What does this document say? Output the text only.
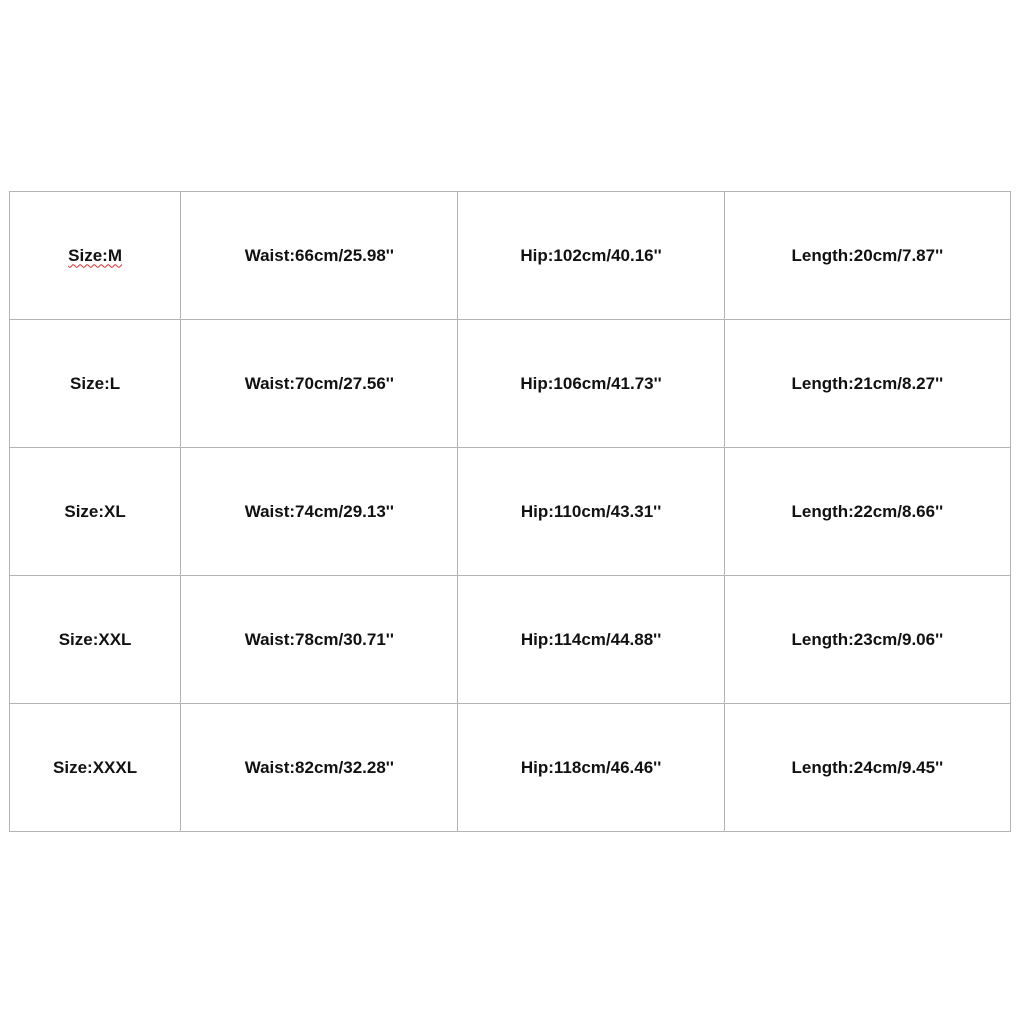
Size:M	Waist:66cm/25.98''	Hip:102cm/40.16''	Length:20cm/7.87''
Size:L	Waist:70cm/27.56''	Hip:106cm/41.73''	Length:21cm/8.27''
Size:XL	Waist:74cm/29.13''	Hip:110cm/43.31''	Length:22cm/8.66''
Size:XXL	Waist:78cm/30.71''	Hip:114cm/44.88''	Length:23cm/9.06''
Size:XXXL	Waist:82cm/32.28''	Hip:118cm/46.46''	Length:24cm/9.45''
